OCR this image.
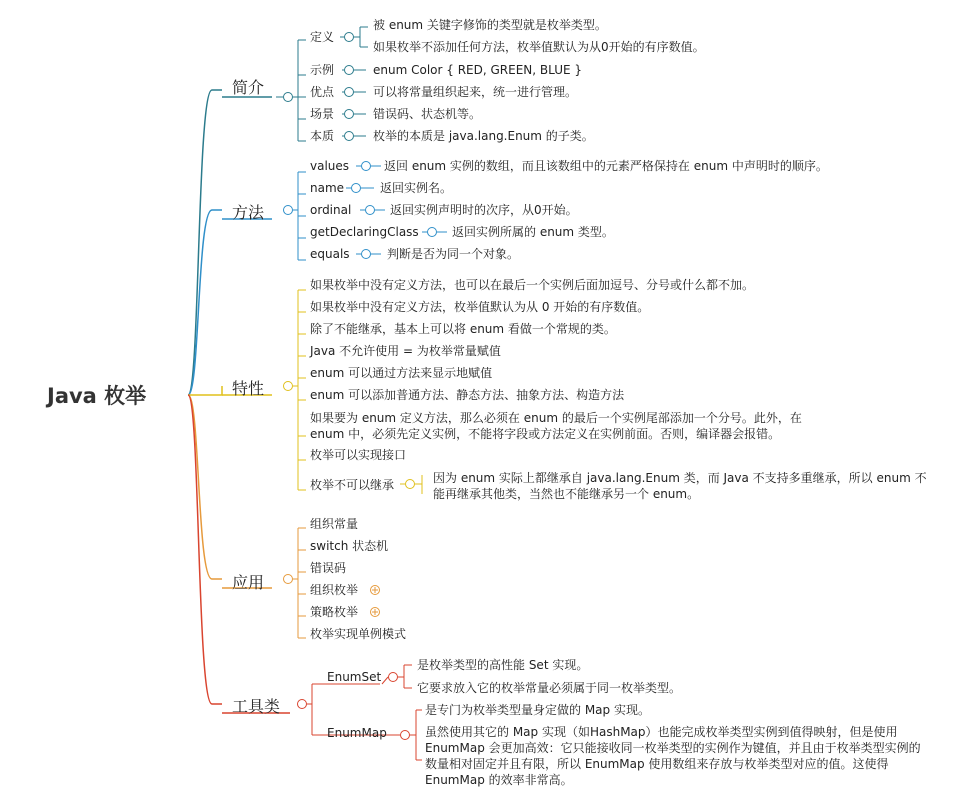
Java 枚举
简介
定义
被 enum 关键字修饰的类型就是枚举类型。
如果枚举不添加任何方法，枚举值默认为从0开始的有序数值。
示例	enum Color { RED, GREEN, BLUE }
优点	可以将常量组织起来，统一进行管理。
场景	错误码、状态机等。
本质	枚举的本质是 java.lang.Enum 的子类。
方法
values	返回 enum 实例的数组，而且该数组中的元素严格保持在 enum 中声明时的顺序。
name	返回实例名。
ordinal	返回实例声明时的次序，从0开始。
getDeclaringClass	返回实例所属的 enum 类型。
equals	判断是否为同一个对象。
特性
如果枚举中没有定义方法，也可以在最后一个实例后面加逗号、分号或什么都不加。
如果枚举中没有定义方法，枚举值默认为从 0 开始的有序数值。
除了不能继承，基本上可以将 enum 看做一个常规的类。
Java 不允许使用 = 为枚举常量赋值
enum 可以通过方法来显示地赋值
enum 可以添加普通方法、静态方法、抽象方法、构造方法
如果要为 enum 定义方法，那么必须在 enum 的最后一个实例尾部添加一个分号。此外，在 enum 中，必须先定义实例，不能将字段或方法定义在实例前面。否则，编译器会报错。
枚举可以实现接口
枚举不可以继承	因为 enum 实际上都继承自 java.lang.Enum 类，而 Java 不支持多重继承，所以 enum 不能再继承其他类，当然也不能继承另一个 enum。
应用
组织常量
switch 状态机
错误码
组织枚举
策略枚举
枚举实现单例模式
工具类
EnumSet
是枚举类型的高性能 Set 实现。
它要求放入它的枚举常量必须属于同一枚举类型。
EnumMap
是专门为枚举类型量身定做的 Map 实现。
虽然使用其它的 Map 实现（如HashMap）也能完成枚举类型实例到值得映射，但是使用 EnumMap 会更加高效：它只能接收同一枚举类型的实例作为键值，并且由于枚举类型实例的数量相对固定并且有限，所以 EnumMap 使用数组来存放与枚举类型对应的值。这使得 EnumMap 的效率非常高。
